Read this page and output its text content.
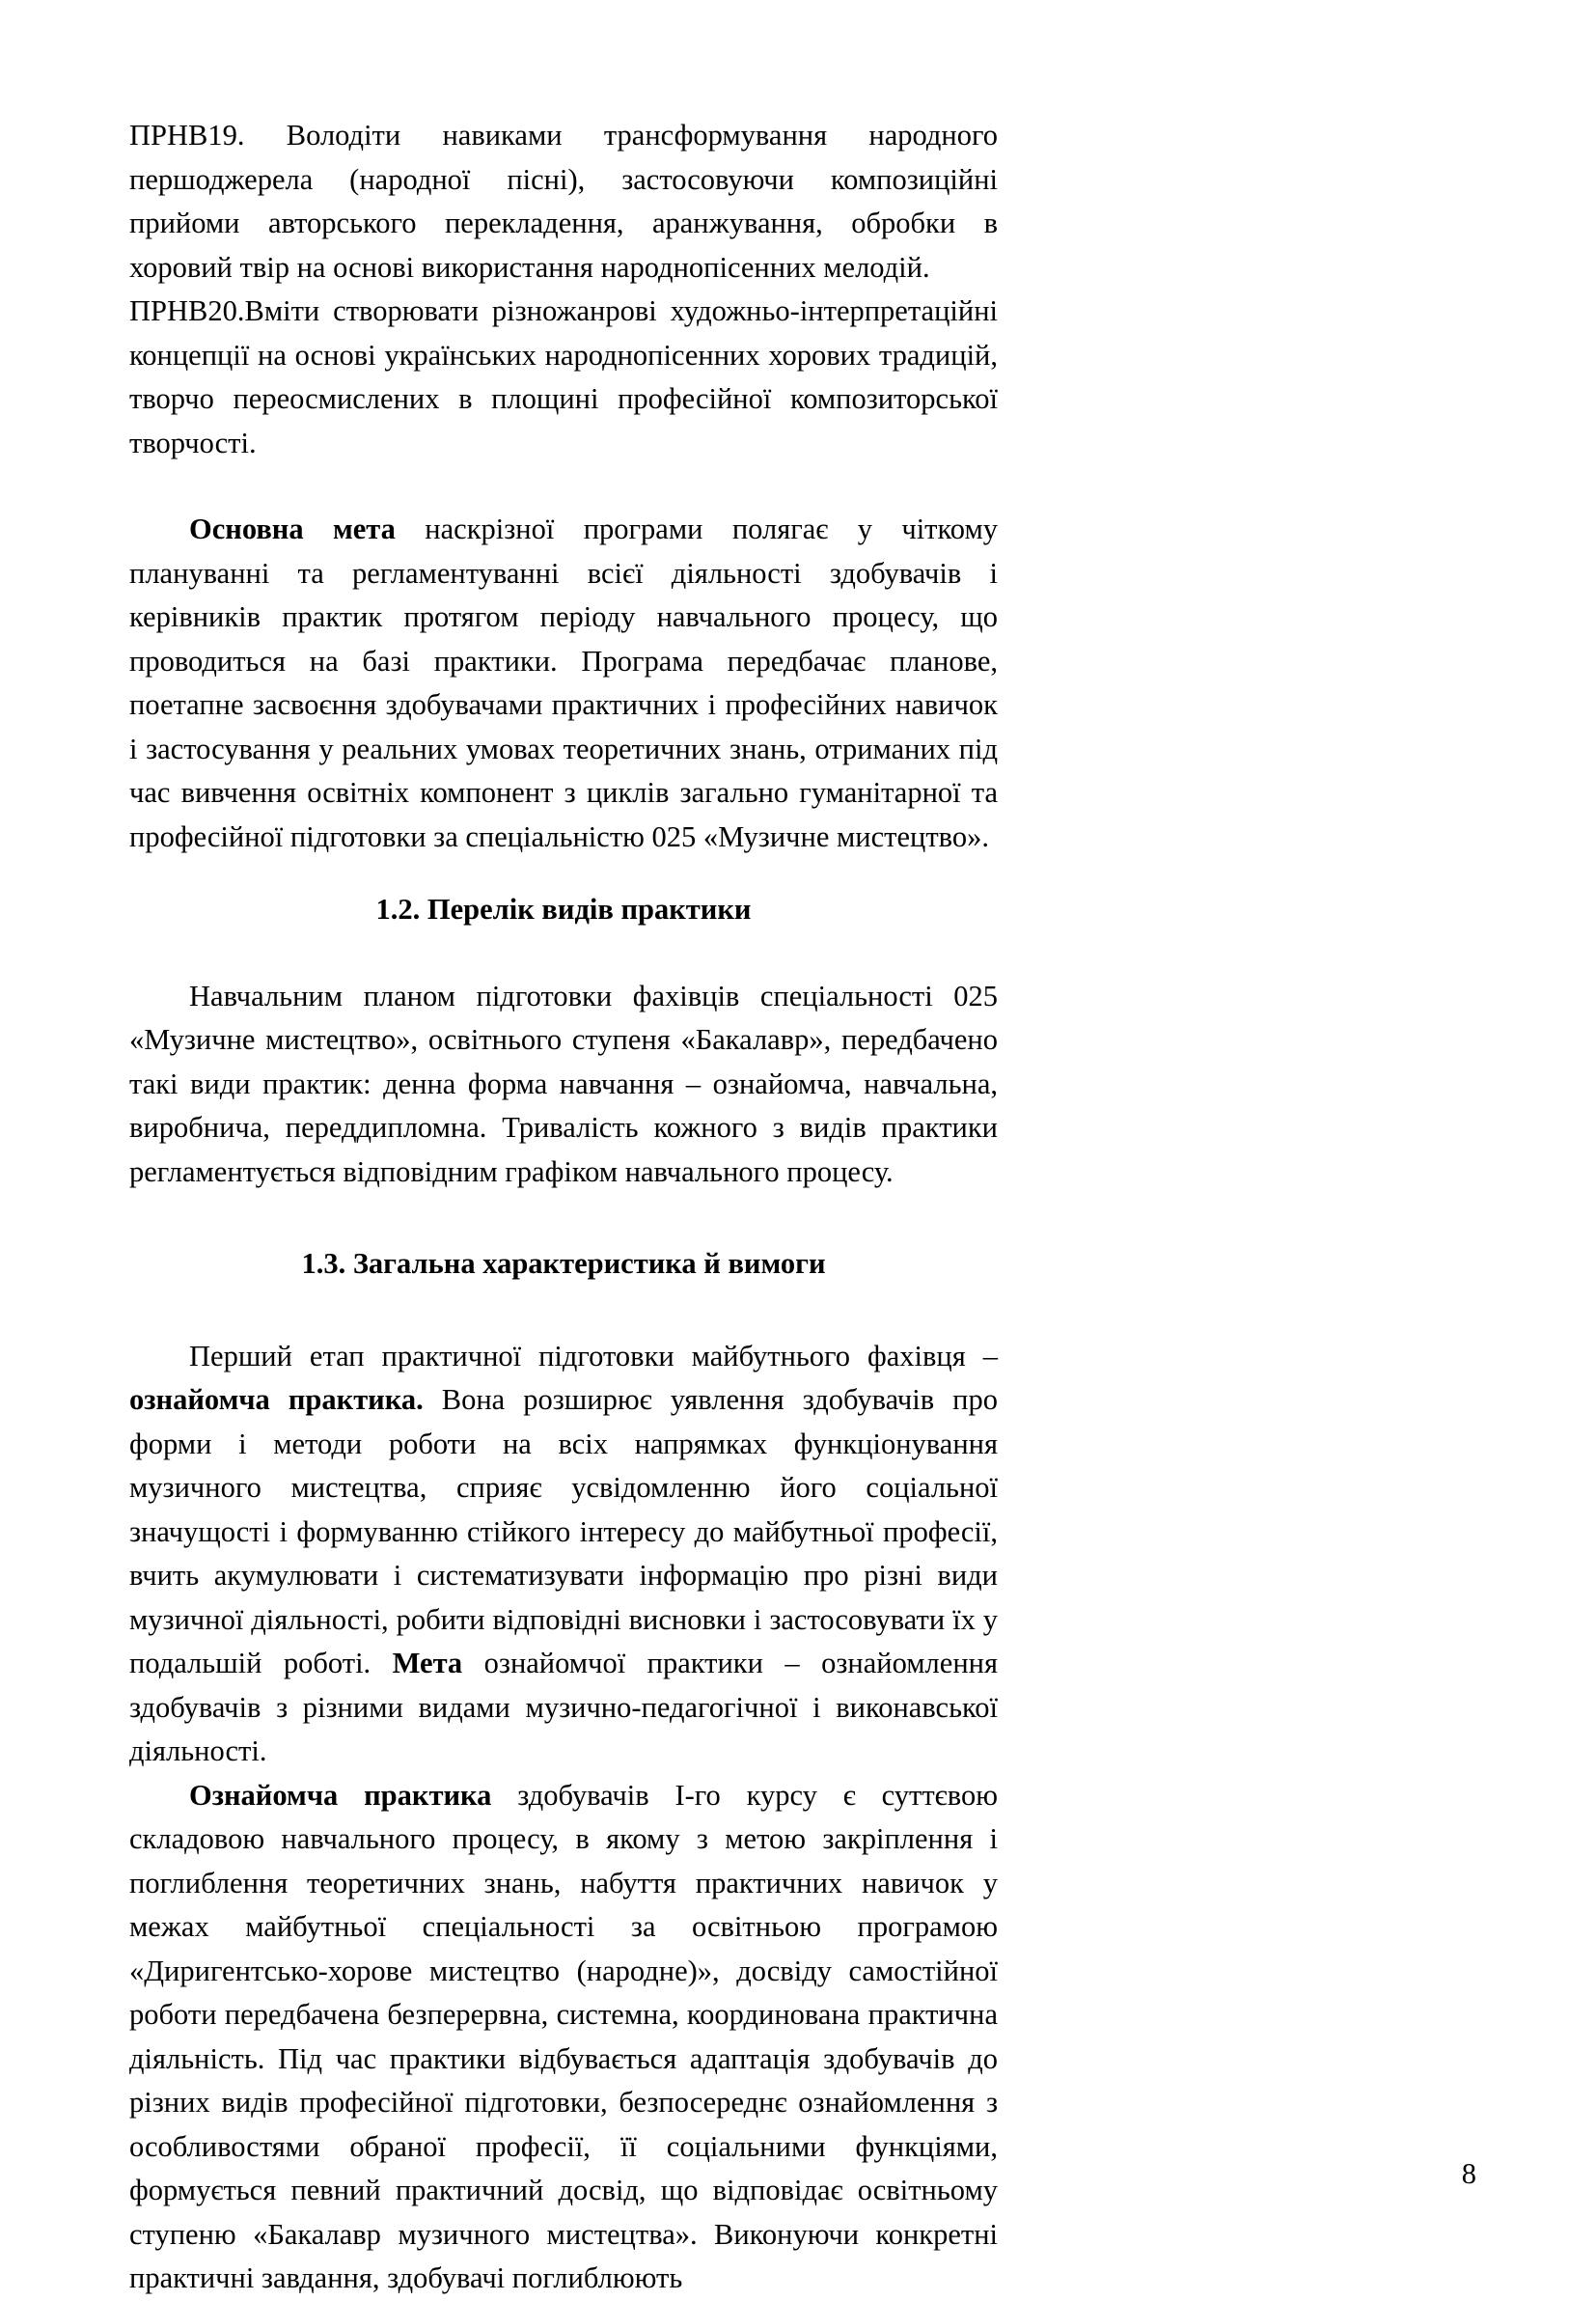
ПРНВ19. Володіти навиками трансформування народного першоджерела (народної пісні), застосовуючи композиційні прийоми авторського перекладення, аранжування, обробки в хоровий твір на основі використання народнопісенних мелодій.

ПРНВ20.Вміти створювати різножанрові художньо-інтерпретаційні концепції на основі українських народнопісенних хорових традицій, творчо переосмислених в площині професійної композиторської творчості.

Основна мета наскрізної програми полягає у чіткому плануванні та регламентуванні всієї діяльності здобувачів і керівників практик протягом періоду навчального процесу, що проводиться на базі практики. Програма передбачає планове, поетапне засвоєння здобувачами практичних і професійних навичок і застосування у реальних умовах теоретичних знань, отриманих під час вивчення освітніх компонент з циклів загально гуманітарної та професійної підготовки за спеціальністю 025 «Музичне мистецтво».

1.2. Перелік видів практики

Навчальним планом підготовки фахівців спеціальності 025 «Музичне мистецтво», освітнього ступеня «Бакалавр», передбачено такі види практик: денна форма навчання – ознайомча, навчальна, виробнича, переддипломна. Тривалість кожного з видів практики регламентується відповідним графіком навчального процесу.

1.3. Загальна характеристика й вимоги

Перший етап практичної підготовки майбутнього фахівця – ознайомча практика. Вона розширює уявлення здобувачів про форми і методи роботи на всіх напрямках функціонування музичного мистецтва, сприяє усвідомленню його соціальної значущості і формуванню стійкого інтересу до майбутньої професії, вчить акумулювати і систематизувати інформацію про різні види музичної діяльності, робити відповідні висновки і застосовувати їх у подальшій роботі. Мета ознайомчої практики – ознайомлення здобувачів з різними видами музично-педагогічної і виконавської діяльності.

Ознайомча практика здобувачів І-го курсу є суттєвою складовою навчального процесу, в якому з метою закріплення і поглиблення теоретичних знань, набуття практичних навичок у межах майбутньої спеціальності за освітньою програмою «Диригентсько-хорове мистецтво (народне)», досвіду самостійної роботи передбачена безперервна, системна, координована практична діяльність. Під час практики відбувається адаптація здобувачів до різних видів професійної підготовки, безпосереднє ознайомлення з особливостями обраної професії, її соціальними функціями, формується певний практичний досвід, що відповідає освітньому ступеню «Бакалавр музичного мистецтва». Виконуючи конкретні практичні завдання, здобувачі поглиблюють

8
